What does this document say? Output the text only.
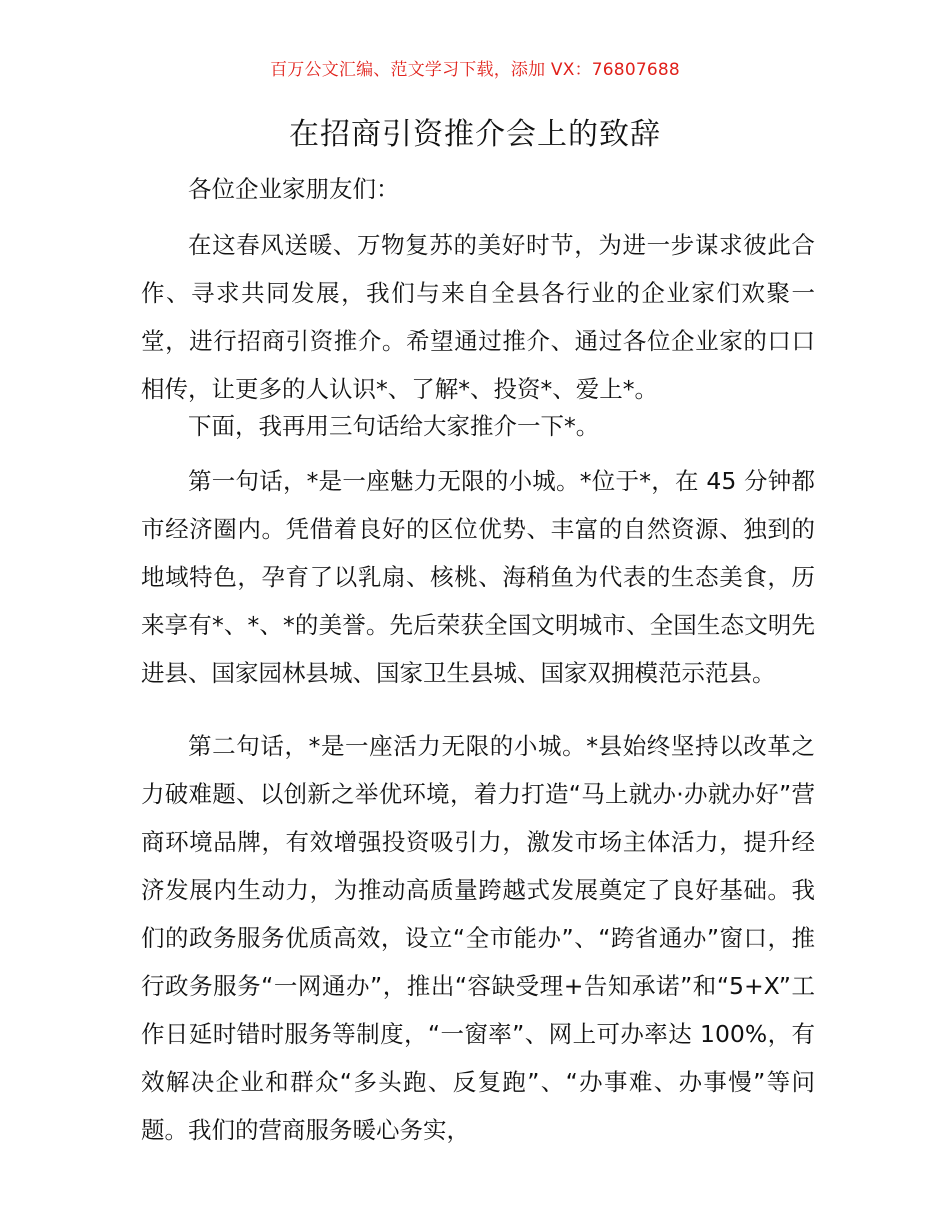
百万公文汇编、范文学习下载，添加 VX：76807688
在招商引资推介会上的致辞
各位企业家朋友们：
在这春风送暖、万物复苏的美好时节，为进一步谋求彼此合作、寻求共同发展，我们与来自全县各行业的企业家们欢聚一堂，进行招商引资推介。希望通过推介、通过各位企业家的口口相传，让更多的人认识*、了解*、投资*、爱上*。
下面，我再用三句话给大家推介一下*。
第一句话，*是一座魅力无限的小城。*位于*，在 45 分钟都市经济圈内。凭借着良好的区位优势、丰富的自然资源、独到的地域特色，孕育了以乳扇、核桃、海稍鱼为代表的生态美食，历来享有*、*、*的美誉。先后荣获全国文明城市、全国生态文明先进县、国家园林县城、国家卫生县城、国家双拥模范示范县。
第二句话，*是一座活力无限的小城。*县始终坚持以改革之力破难题、以创新之举优环境，着力打造“马上就办·办就办好”营商环境品牌，有效增强投资吸引力，激发市场主体活力，提升经济发展内生动力，为推动高质量跨越式发展奠定了良好基础。我们的政务服务优质高效，设立“全市能办”、“跨省通办”窗口，推行政务服务“一网通办”，推出“容缺受理+告知承诺”和“5+X”工作日延时错时服务等制度，“一窗率”、网上可办率达 100%，有效解决企业和群众“多头跑、反复跑”、“办事难、办事慢”等问题。我们的营商服务暖心务实，
